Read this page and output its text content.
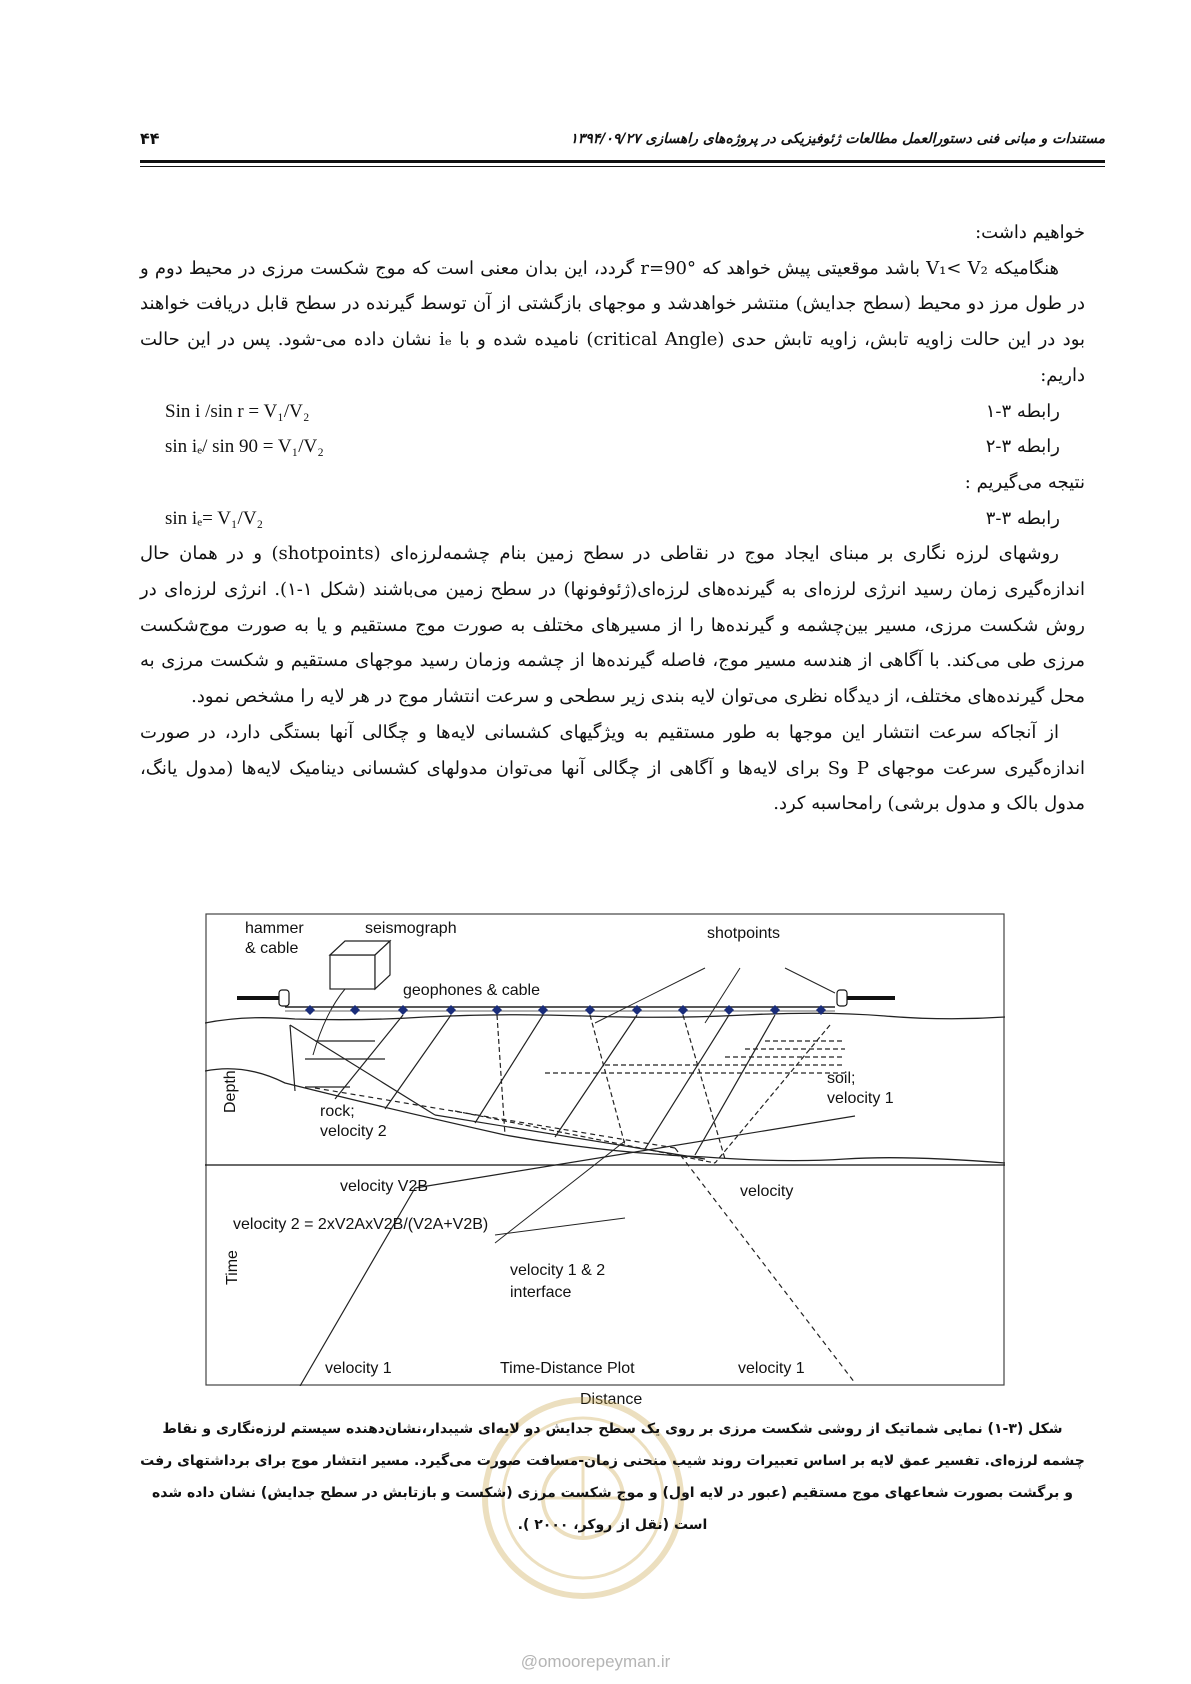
مستندات و مبانی فنی دستورالعمل مطالعات ژئوفیزیکی در پروژه‌های راهسازی ۱۳۹۴/۰۹/۲۷
۴۴

خواهیم داشت:

هنگامیکه V₁< V₂ باشد موقعیتی پیش خواهد که r=90° گردد، این بدان معنی است که موج شکست مرزی در محیط دوم و در طول مرز دو محیط (سطح جدایش) منتشر خواهدشد و موجهای بازگشتی از آن توسط گیرنده در سطح قابل دریافت خواهند بود در این حالت زاویه تابش، زاویه تابش حدی (critical Angle) نامیده شده و با iₑ نشان داده می-شود. پس در این حالت داریم:

رابطه ۳-۱
Sin i /sin r = V₁/V₂
رابطه ۳-۲
sin iₑ/ sin 90 = V₁/V₂

نتیجه می‌گیریم :

رابطه ۳-۳
sin iₑ= V₁/V₂

روشهای لرزه نگاری بر مبنای ایجاد موج در نقاطی در سطح زمین بنام چشمه‌لرزه‌ای (shotpoints) و در همان حال اندازه‌گیری زمان رسید انرژی لرزه‌ای به گیرنده‌های لرزه‌ای(ژئوفونها) در سطح زمین می‌باشند (شکل ۱-۱). انرژی لرزه‌ای در روش شکست مرزی، مسیر بین‌چشمه و گیرنده‌ها را از مسیرهای مختلف به صورت موج مستقیم و یا به صورت موج‌شکست مرزی طی می‌کند. با آگاهی از هندسه مسیر موج، فاصله گیرنده‌ها از چشمه وزمان رسید موجهای مستقیم و شکست مرزی به محل گیرنده‌های مختلف، از دیدگاه نظری می‌توان لایه بندی زیر سطحی و سرعت انتشار موج در هر لایه را مشخص نمود.

از آنجاکه سرعت انتشار این موجها به طور مستقیم به ویژگیهای کشسانی لایه‌ها و چگالی آنها بستگی دارد، در صورت اندازه‌گیری سرعت موجهای P وS برای لایه‌ها و آگاهی از چگالی آنها می‌توان مدولهای کشسانی دینامیک لایه‌ها (مدول یانگ، مدول بالک و مدول برشی) رامحاسبه کرد.

hammer
& cable
seismograph	shotpoints
geophones & cable
soil;
velocity 1
rock;
velocity 2
Depth
velocity V2B	velocity
velocity 2 = 2xV2AxV2B/(V2A+V2B)
Time	velocity 1 & 2
interface
velocity 1	Time-Distance Plot	velocity 1
Distance
شکل (۳-۱) نمایی شماتیک از روشی شکست مرزی بر روی یک سطح جدایش دو لایه‌ای شیبدار،نشان‌دهنده سیستم لرزه‌نگاری و نقاط
چشمه لرزه‌ای. تفسیر عمق لایه بر اساس تعبیرات روند شیب منحنی زمان-مسافت صورت می‌گیرد. مسیر انتشار موج برای برداشتهای رفت
و برگشت بصورت شعاعهای موج مستقیم (عبور در لایه اول) و موج شکست مرزی (شکست و بازتابش در سطح جدایش) نشان داده شده
است (نقل از روکر، ۲۰۰۰ ).
@omoorepeyman.ir
